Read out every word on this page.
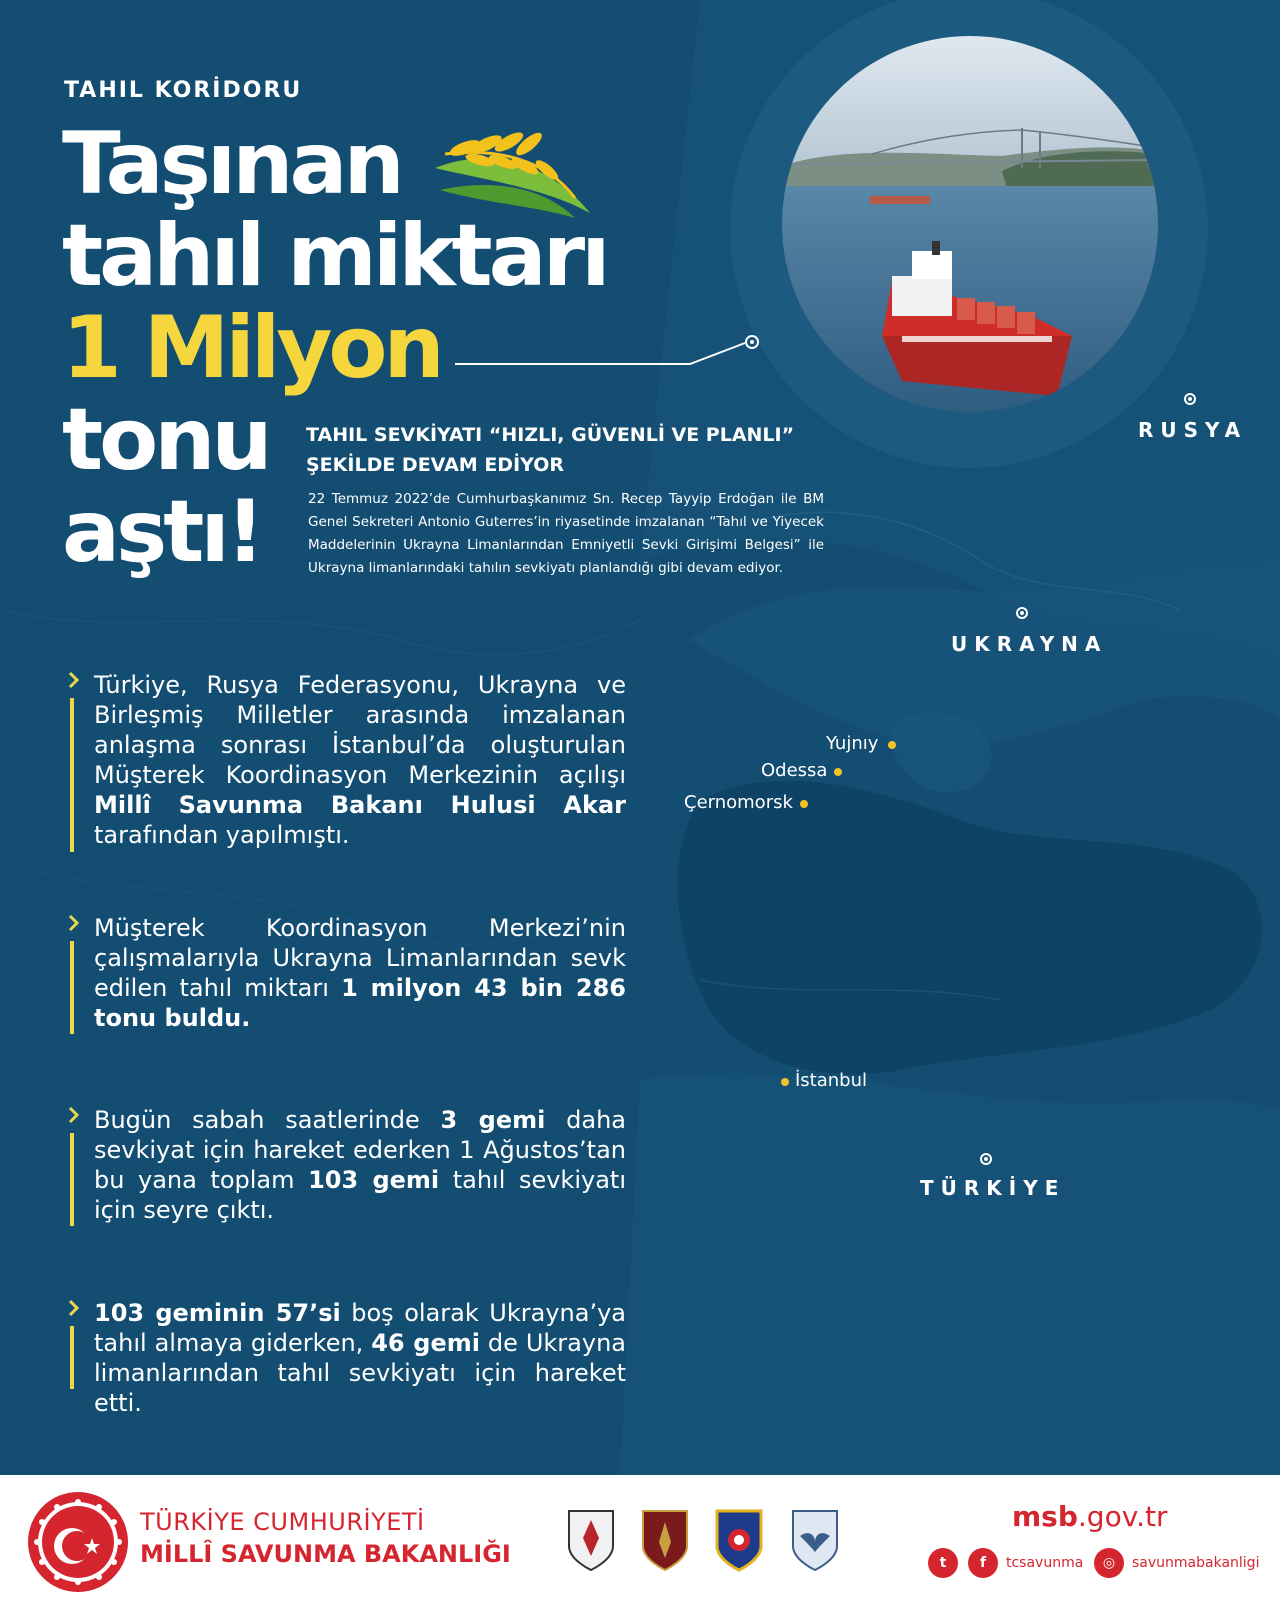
TAHIL KORİDORU
Taşınan
tahıl miktarı
1 Milyon
tonu
aştı!
TAHIL SEVKİYATI “HIZLI, GÜVENLİ VE PLANLI”
ŞEKİLDE DEVAM EDİYOR
22 Temmuz 2022’de Cumhurbaşkanımız Sn. Recep Tayyip Erdoğan ile BM Genel Sekreteri Antonio Guterres’in riyasetinde imzalanan “Tahıl ve Yiyecek Maddelerinin Ukrayna Limanlarından Emniyetli Sevki Girişimi Belgesi” ile Ukrayna limanlarındaki tahılın sevkiyatı planlandığı gibi devam ediyor.
RUSYA
UKRAYNA
TÜRKİYE
Yujnıy
Odessa
Çernomorsk
İstanbul
Türkiye, Rusya Federasyonu, Ukrayna ve Birleşmiş Milletler arasında imzalanan anlaşma sonrası İstanbul’da oluşturulan Müşterek Koordinasyon Merkezinin açılışı Millî Savunma Bakanı Hulusi Akar tarafından yapılmıştı.
Müşterek Koordinasyon Merkezi’nin çalışmalarıyla Ukrayna Limanlarından sevk edilen tahıl miktarı 1 milyon 43 bin 286 tonu buldu.
Bugün sabah saatlerinde 3 gemi daha sevkiyat için hareket ederken 1 Ağustos’tan bu yana toplam 103 gemi tahıl sevkiyatı için seyre çıktı.
103 geminin 57’si boş olarak Ukrayna’ya tahıl almaya giderken, 46 gemi de Ukrayna limanlarından tahıl sevkiyatı için hareket etti.
TÜRKİYE CUMHURİYETİ
MİLLÎ SAVUNMA BAKANLIĞI
msb.gov.tr
t	f	tcsavunma	◎	savunmabakanligi
